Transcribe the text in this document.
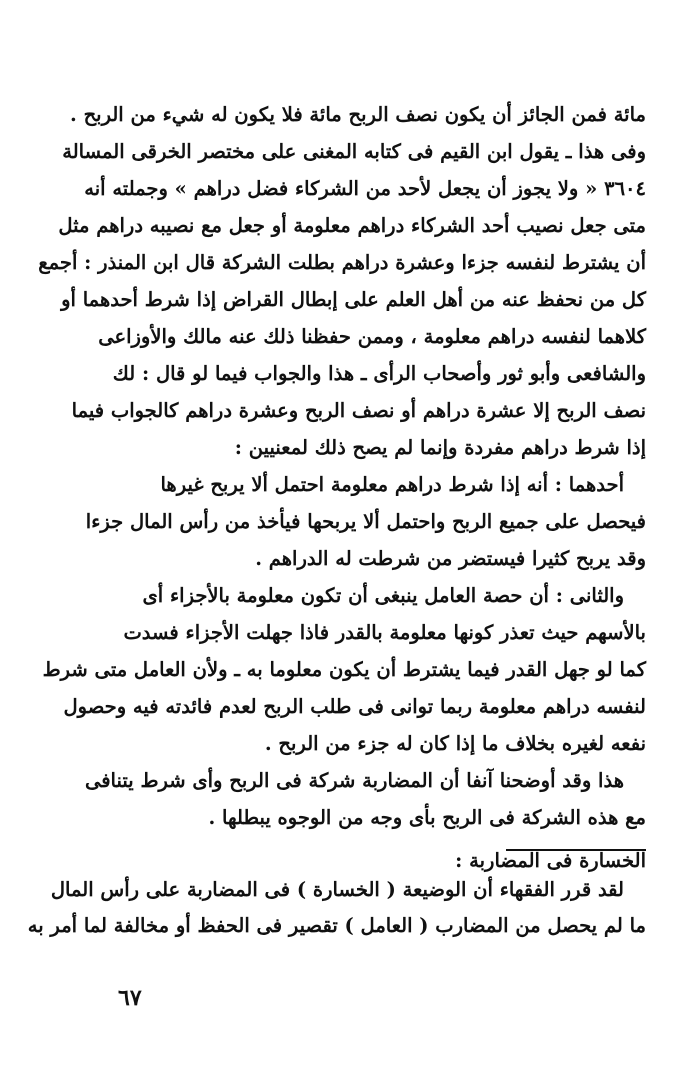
مائة فمن الجائز أن يكون نصف الربح مائة فلا يكون له شيء من الربح .
وفى هذا ـ يقول ابن القيم فى كتابه المغنى على مختصر الخرقى المسالة
٣٦٠٤ « ولا يجوز أن يجعل لأحد من الشركاء فضل دراهم » وجملته أنه
متى جعل نصيب أحد الشركاء دراهم معلومة أو جعل مع نصيبه دراهم مثل
أن يشترط لنفسه جزءا وعشرة دراهم بطلت الشركة قال ابن المنذر : أجمع
كل من نحفظ عنه من أهل العلم على إبطال القراض إذا شرط أحدهما أو
كلاهما لنفسه دراهم معلومة ، وممن حفظنا ذلك عنه مالك والأوزاعى
والشافعى وأبو ثور وأصحاب الرأى ـ هذا والجواب فيما لو قال : لك
نصف الربح إلا عشرة دراهم أو نصف الربح وعشرة دراهم كالجواب فيما
إذا شرط دراهم مفردة وإنما لم يصح ذلك لمعنيين :
أحدهما : أنه إذا شرط دراهم معلومة احتمل ألا يربح غيرها
فيحصل على جميع الربح واحتمل ألا يربحها فيأخذ من رأس المال جزءا
وقد يربح كثيرا فيستضر من شرطت له الدراهم .
والثانى : أن حصة العامل ينبغى أن تكون معلومة بالأجزاء أى
بالأسهم حيث تعذر كونها معلومة بالقدر فاذا جهلت الأجزاء فسدت
كما لو جهل القدر فيما يشترط أن يكون معلوما به ـ ولأن العامل متى شرط
لنفسه دراهم معلومة ربما توانى فى طلب الربح لعدم فائدته فيه وحصول
نفعه لغيره بخلاف ما إذا كان له جزء من الربح .
هذا وقد أوضحنا آنفا أن المضاربة شركة فى الربح وأى شرط يتنافى
مع هذه الشركة فى الربح بأى وجه من الوجوه يبطلها .
الخسارة فى المضاربة :
لقد قرر الفقهاء أن الوضيعة ( الخسارة ) فى المضاربة على رأس المال
ما لم يحصل من المضارب ( العامل ) تقصير فى الحفظ أو مخالفة لما أمر به
٦٧
